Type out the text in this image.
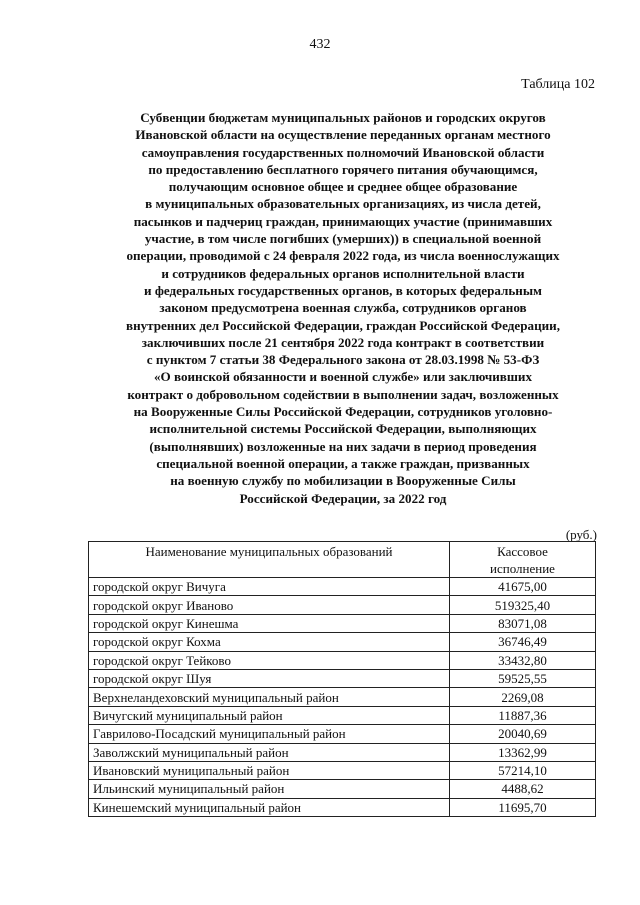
432
Таблица 102
Субвенции бюджетам муниципальных районов и городских округов
Ивановской области на осуществление переданных органам местного
самоуправления государственных полномочий Ивановской области
по предоставлению бесплатного горячего питания обучающимся,
получающим основное общее и среднее общее образование
в муниципальных образовательных организациях, из числа детей,
пасынков и падчериц граждан, принимающих участие (принимавших
участие, в том числе погибших (умерших)) в специальной военной
операции, проводимой с 24 февраля 2022 года, из числа военнослужащих
и сотрудников федеральных органов исполнительной власти
и федеральных государственных органов, в которых федеральным
законом предусмотрена военная служба, сотрудников органов
внутренних дел Российской Федерации, граждан Российской Федерации,
заключивших после 21 сентября 2022 года контракт в соответствии
с пунктом 7 статьи 38 Федерального закона от 28.03.1998 № 53-ФЗ
«О воинской обязанности и военной службе» или заключивших
контракт о добровольном содействии в выполнении задач, возложенных
на Вооруженные Силы Российской Федерации, сотрудников уголовно-
исполнительной системы Российской Федерации, выполняющих
(выполнявших) возложенные на них задачи в период проведения
специальной военной операции, а также граждан, призванных
на военную службу по мобилизации в Вооруженные Силы
Российской Федерации, за 2022 год
(руб.)
Наименование муниципальных образований	Кассовое
исполнение

городской округ Вичуга	41675,00
городской округ Иваново	519325,40
городской округ Кинешма	83071,08
городской округ Кохма	36746,49
городской округ Тейково	33432,80
городской округ Шуя	59525,55
Верхнеландеховский муниципальный район	2269,08
Вичугский муниципальный район	11887,36
Гаврилово-Посадский муниципальный район	20040,69
Заволжский муниципальный район	13362,99
Ивановский муниципальный район	57214,10
Ильинский муниципальный район	4488,62
Кинешемский муниципальный район	11695,70
